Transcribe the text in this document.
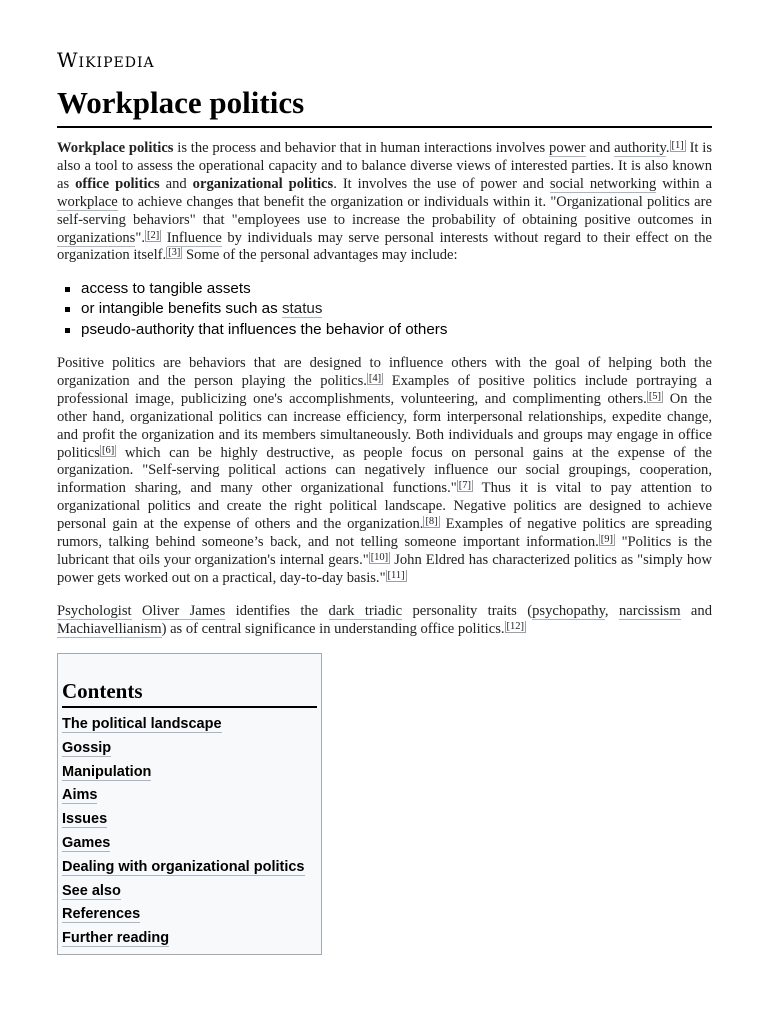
Wikipedia
Workplace politics

Workplace politics is the process and behavior that in human interactions involves power and authority. [1] It is also a tool to assess the operational capacity and to balance diverse views of interested parties. It is also known as office politics and organizational politics. It involves the use of power and social networking within a workplace to achieve changes that benefit the organization or individuals within it. "Organizational politics are self-serving behaviors" that "employees use to increase the probability of obtaining positive outcomes in organizations". [2] Influence by individuals may serve personal interests without regard to their effect on the organization itself. [3] Some of the personal advantages may include:

access to tangible assets
or intangible benefits such as status
pseudo-authority that influences the behavior of others

Positive politics are behaviors that are designed to influence others with the goal of helping both the organization and the person playing the politics. [4] Examples of positive politics include portraying a professional image, publicizing one's accomplishments, volunteering, and complimenting others. [5] On the other hand, organizational politics can increase efficiency, form interpersonal relationships, expedite change, and profit the organization and its members simultaneously. Both individuals and groups may engage in office politics [6] which can be highly destructive, as people focus on personal gains at the expense of the organization. "Self-serving political actions can negatively influence our social groupings, cooperation, information sharing, and many other organizational functions." [7] Thus it is vital to pay attention to organizational politics and create the right political landscape. Negative politics are designed to achieve personal gain at the expense of others and the organization. [8] Examples of negative politics are spreading rumors, talking behind someone’s back, and not telling someone important information. [9] "Politics is the lubricant that oils your organization's internal gears." [10] John Eldred has characterized politics as "simply how power gets worked out on a practical, day-to-day basis." [11]

Psychologist Oliver James identifies the dark triadic personality traits (psychopathy, narcissism and Machiavellianism) as of central significance in understanding office politics. [12]

Contents
The political landscape
Gossip
Manipulation
Aims
Issues
Games
Dealing with organizational politics
See also
References
Further reading
